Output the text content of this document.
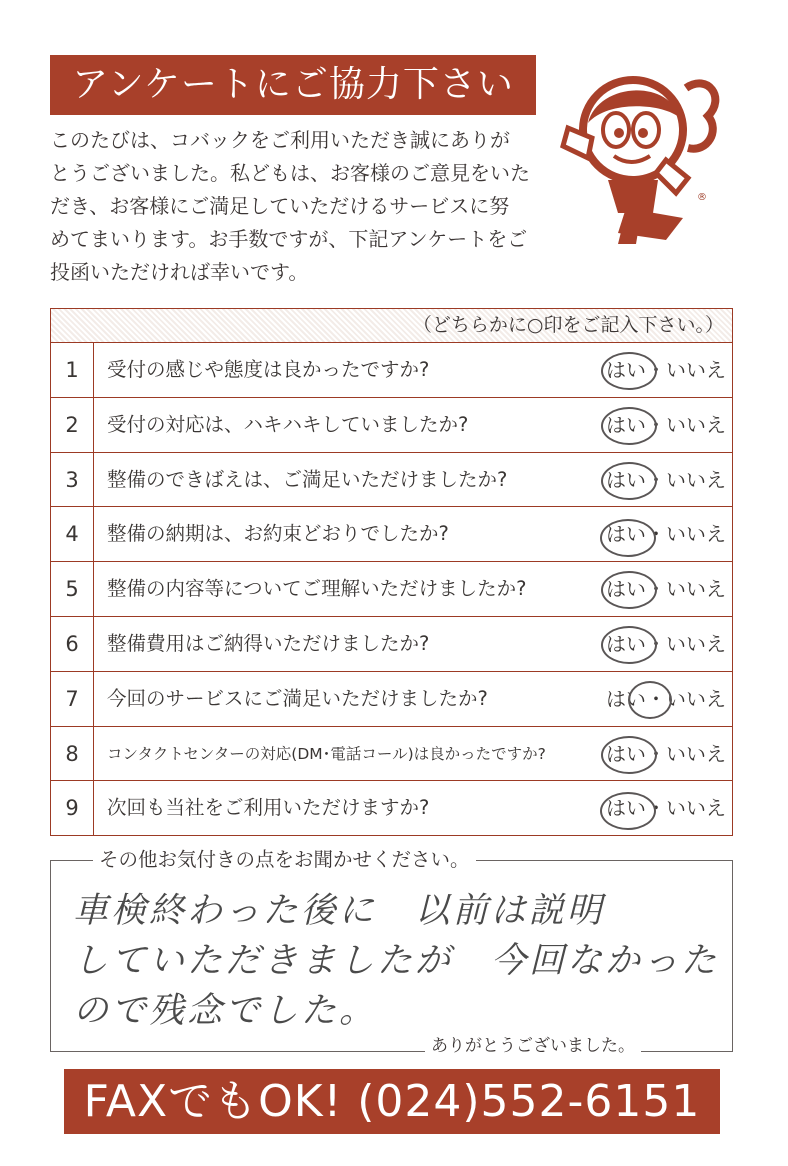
アンケートにご協力下さい

このたびは、コバックをご利用いただき誠にありが
とうございました。私どもは、お客様のご意見をいた
だき、お客様にご満足していただけるサービスに努
めてまいります。お手数ですが、下記アンケートをご
投函いただければ幸いです。

®
（どちらかに○印をご記入下さい。）
1	受付の感じや態度は良かったですか?	はい・いいえ
2	受付の対応は、ハキハキしていましたか?	はい・いいえ
3	整備のできばえは、ご満足いただけましたか?	はい・いいえ
4	整備の納期は、お約束どおりでしたか?	はい・いいえ
5	整備の内容等についてご理解いただけましたか?	はい・いいえ
6	整備費用はご納得いただけましたか?	はい・いいえ
7	今回のサービスにご満足いただけましたか?	はい・いいえ
8	コンタクトセンターの対応(DM･電話コール)は良かったですか?	はい・いいえ
9	次回も当社をご利用いただけますか?	はい・いいえ
その他お気付きの点をお聞かせください。
車検終わった後に　以前は説明
していただきましたが　今回なかった
ので残念でした。
ありがとうございました。
FAXでもOK! (024)552-6151
